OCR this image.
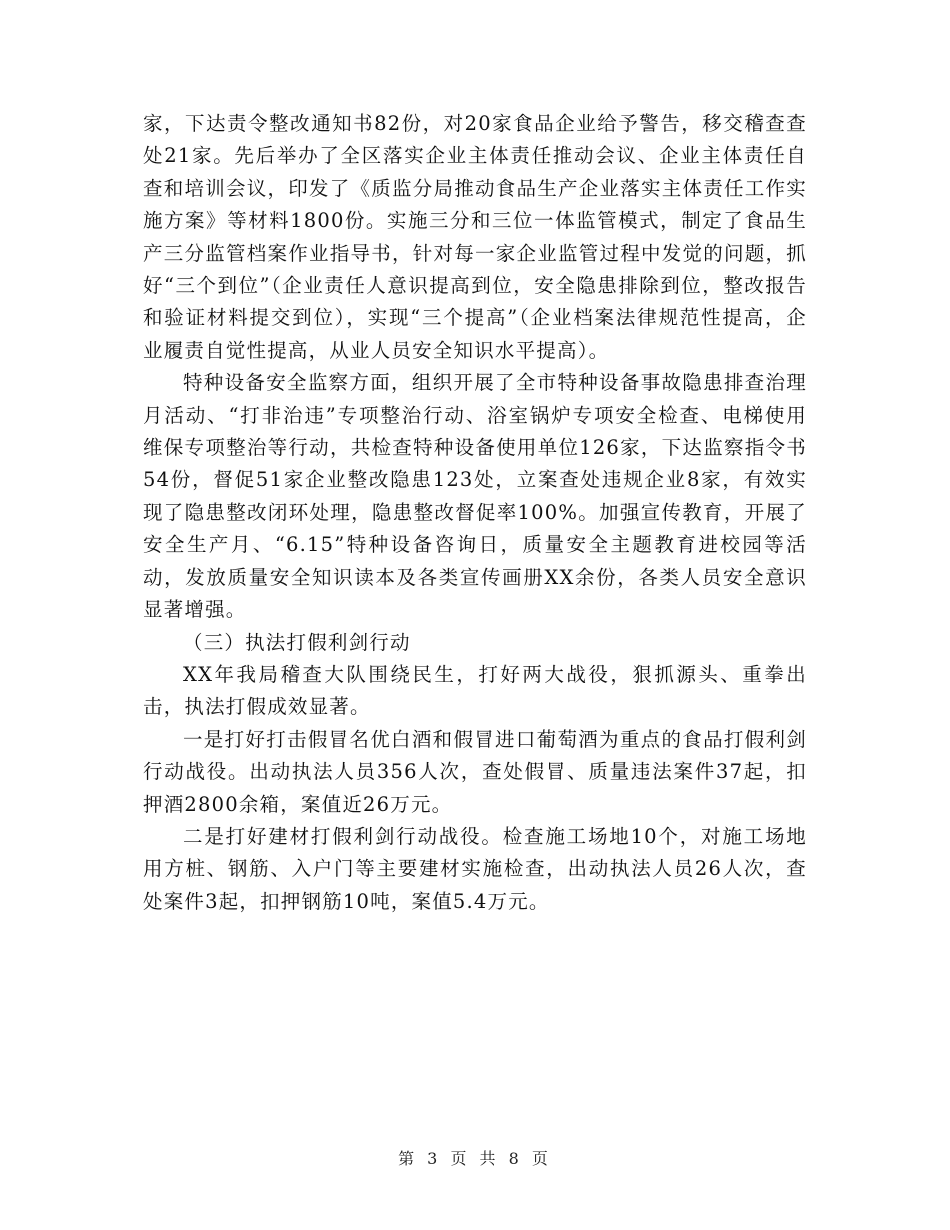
家，下达责令整改通知书82份，对20家食品企业给予警告，移交稽查查处21家。先后举办了全区落实企业主体责任推动会议、企业主体责任自查和培训会议，印发了《质监分局推动食品生产企业落实主体责任工作实施方案》等材料1800份。实施三分和三位一体监管模式，制定了食品生产三分监管档案作业指导书，针对每一家企业监管过程中发觉的问题，抓好“三个到位”（企业责任人意识提高到位，安全隐患排除到位，整改报告和验证材料提交到位），实现“三个提高”（企业档案法律规范性提高，企业履责自觉性提高，从业人员安全知识水平提高）。

特种设备安全监察方面，组织开展了全市特种设备事故隐患排查治理月活动、“打非治违”专项整治行动、浴室锅炉专项安全检查、电梯使用维保专项整治等行动，共检查特种设备使用单位126家，下达监察指令书54份，督促51家企业整改隐患123处，立案查处违规企业8家，有效实现了隐患整改闭环处理，隐患整改督促率100%。加强宣传教育，开展了安全生产月、“6.15”特种设备咨询日，质量安全主题教育进校园等活动，发放质量安全知识读本及各类宣传画册XX余份，各类人员安全意识显著增强。

（三）执法打假利剑行动

XX年我局稽查大队围绕民生，打好两大战役，狠抓源头、重拳出击，执法打假成效显著。

一是打好打击假冒名优白酒和假冒进口葡萄酒为重点的食品打假利剑行动战役。出动执法人员356人次，查处假冒、质量违法案件37起，扣押酒2800余箱，案值近26万元。

二是打好建材打假利剑行动战役。检查施工场地10个，对施工场地用方桩、钢筋、入户门等主要建材实施检查，出动执法人员26人次，查处案件3起，扣押钢筋10吨，案值5.4万元。

第 3 页 共 8 页
